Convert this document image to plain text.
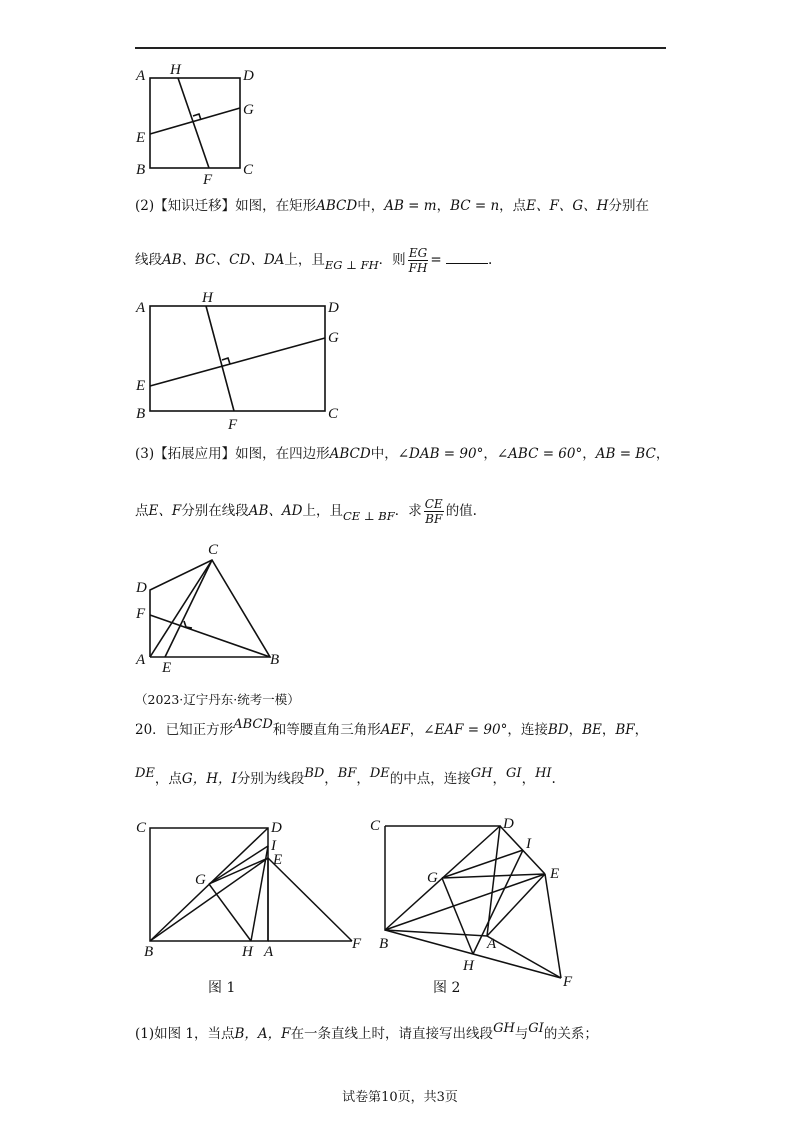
A H	D
G
E
B	C
F
(2)【知识迁移】如图，在矩形ABCD中，AB = m，BC = n，点E、F、G、H分别在
线段AB、BC、CD、DA上，且EG ⊥ FH．则 $\frac{EG}{FH}$ =	.
A
H
D
G
E
B	C
F
(3)【拓展应用】如图，在四边形ABCD中，∠DAB = 90°，∠ABC = 60°，AB = BC，
点E、F分别在线段AB、AD上，且CE ⊥ BF．求 $\frac{CE}{BF}$ 的值.
C
D
F
A E	B
（2023·辽宁丹东·统考一模）
20．已知正方形ABCD和等腰直角三角形AEF，∠EAF = 90°，连接BD，BE，BF，
DE，点G，H，I分别为线段BD，BF，DE的中点，连接GH，GI，HI.
C	D
I
E
G
B	H A	F
图 1
C	D
I
E
G
B	A
H
F
图 2
(1)如图 1，当点B，A，F在一条直线上时，请直接写出线段GH与GI的关系；
试卷第10页，共3页
